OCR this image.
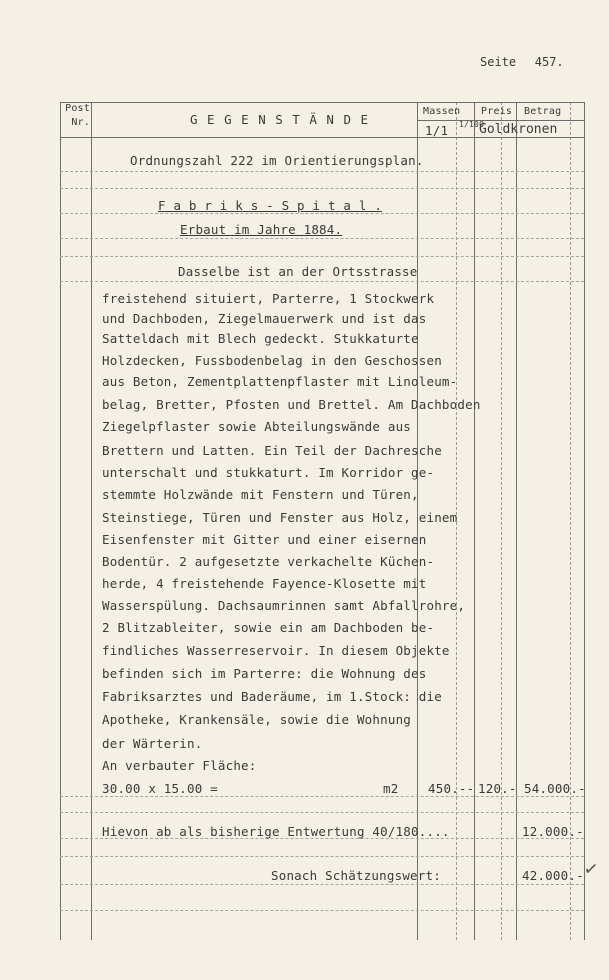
Seite 457.
Post Nr.	G E G E N S T Ä N D E
Massen Preis Betrag
1/1 1/100
Goldkronen
Ordnungszahl 222 im Orientierungsplan.
F a b r i k s - S p i t a l .
Erbaut im Jahre 1884.
Dasselbe ist an der Ortsstrasse
freistehend situiert, Parterre, 1 Stockwerk
und Dachboden, Ziegelmauerwerk und ist das
Satteldach mit Blech gedeckt. Stukkaturte
Holzdecken, Fussbodenbelag in den Geschossen
aus Beton, Zementplattenpflaster mit Linoleum-
belag, Bretter, Pfosten und Brettel. Am Dachboden
Ziegelpflaster sowie Abteilungswände aus
Brettern und Latten. Ein Teil der Dachresche
unterschalt und stukkaturt. Im Korridor ge-
stemmte Holzwände mit Fenstern und Türen,
Steinstiege, Türen und Fenster aus Holz, einem
Eisenfenster mit Gitter und einer eisernen
Bodentür. 2 aufgesetzte verkachelte Küchen-
herde, 4 freistehende Fayence-Klosette mit
Wasserspülung. Dachsaumrinnen samt Abfallrohre,
2 Blitzableiter, sowie ein am Dachboden be-
findliches Wasserreservoir. In diesem Objekte
befinden sich im Parterre: die Wohnung des
Fabriksarztes und Baderäume, im 1.Stock: die
Apotheke, Krankensäle, sowie die Wohnung
der Wärterin.
An verbauter Fläche:
30.00 x 15.00 =	m2 450.-- 120.- 54.000.-
Hievon ab als bisherige Entwertung 40/180....	12.000.-
Sonach Schätzungswert:	42.000.- ✓
